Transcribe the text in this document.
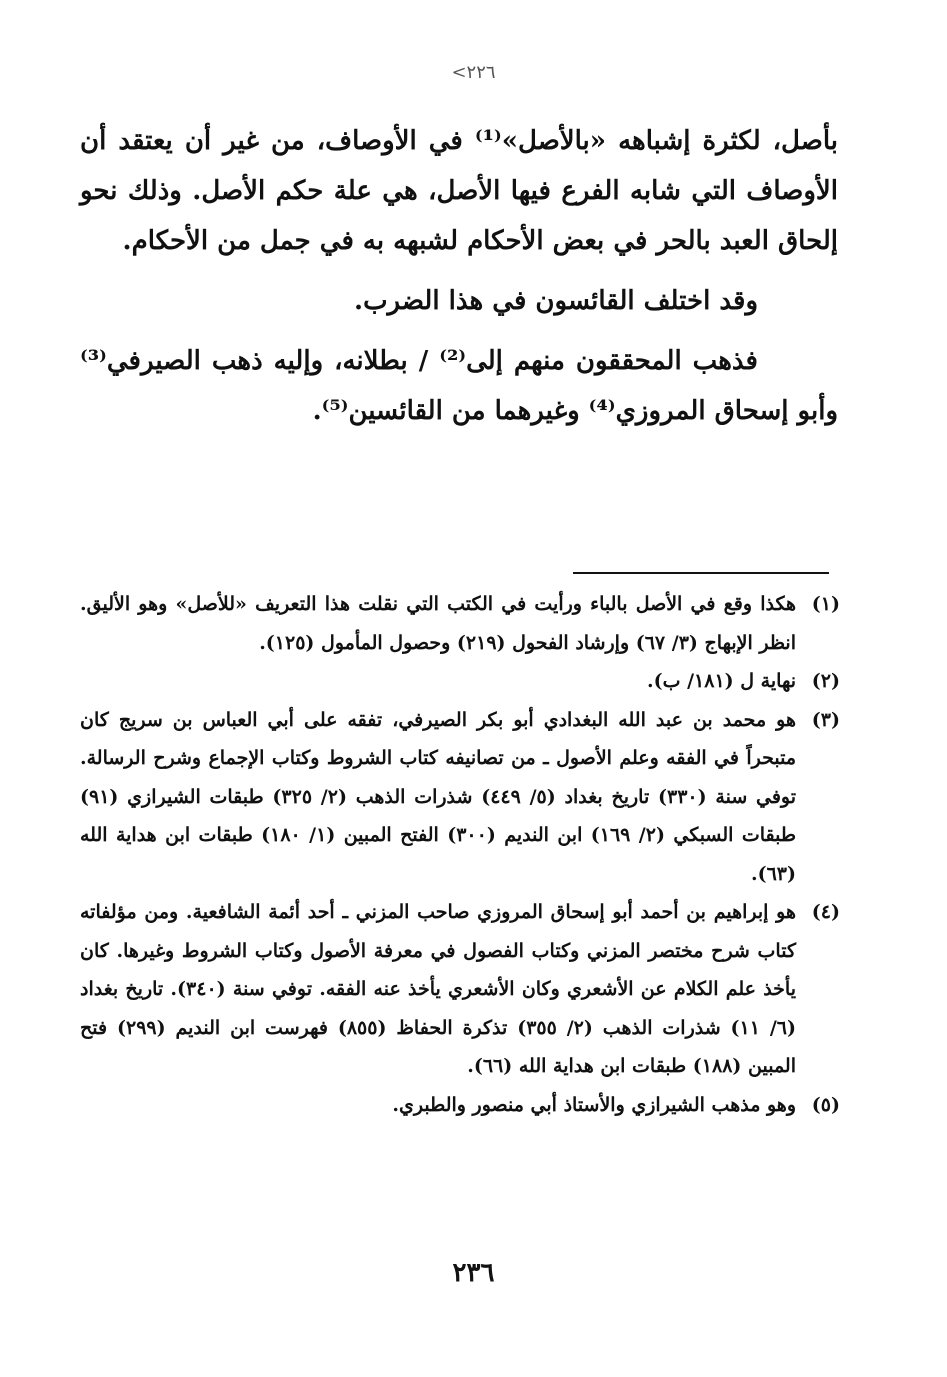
<٢٢٦

بأصل، لكثرة إشباهه «بالأصل»⁽¹⁾ في الأوصاف، من غير أن يعتقد أن الأوصاف التي شابه الفرع فيها الأصل، هي علة حكم الأصل. وذلك نحو إلحاق العبد بالحر في بعض الأحكام لشبهه به في جمل من الأحكام.

وقد اختلف القائسون في هذا الضرب.

فذهب المحققون منهم إلى⁽²⁾ / بطلانه، وإليه ذهب الصيرفي⁽³⁾ وأبو إسحاق المروزي⁽⁴⁾ وغيرهما من القائسين⁽⁵⁾.

(١)
هكذا وقع في الأصل بالباء ورأيت في الكتب التي نقلت هذا التعريف «للأصل» وهو الأليق. انظر الإبهاج (٣/ ٦٧) وإرشاد الفحول (٢١٩) وحصول المأمول (١٢٥).
(٢)
نهاية ل (١٨١/ ب).
(٣)
هو محمد بن عبد الله البغدادي أبو بكر الصيرفي، تفقه على أبي العباس بن سريج كان متبحراً في الفقه وعلم الأصول ـ من تصانيفه كتاب الشروط وكتاب الإجماع وشرح الرسالة. توفي سنة (٣٣٠) تاريخ بغداد (٥/ ٤٤٩) شذرات الذهب (٢/ ٣٢٥) طبقات الشيرازي (٩١) طبقات السبكي (٢/ ١٦٩) ابن النديم (٣٠٠) الفتح المبين (١/ ١٨٠) طبقات ابن هداية الله (٦٣).
(٤)
هو إبراهيم بن أحمد أبو إسحاق المروزي صاحب المزني ـ أحد أئمة الشافعية. ومن مؤلفاته كتاب شرح مختصر المزني وكتاب الفصول في معرفة الأصول وكتاب الشروط وغيرها. كان يأخذ علم الكلام عن الأشعري وكان الأشعري يأخذ عنه الفقه. توفي سنة (٣٤٠). تاريخ بغداد (٦/ ١١) شذرات الذهب (٢/ ٣٥٥) تذكرة الحفاظ (٨٥٥) فهرست ابن النديم (٢٩٩) فتح المبين (١٨٨) طبقات ابن هداية الله (٦٦).
(٥)
وهو مذهب الشيرازي والأستاذ أبي منصور والطبري.
٢٣٦
